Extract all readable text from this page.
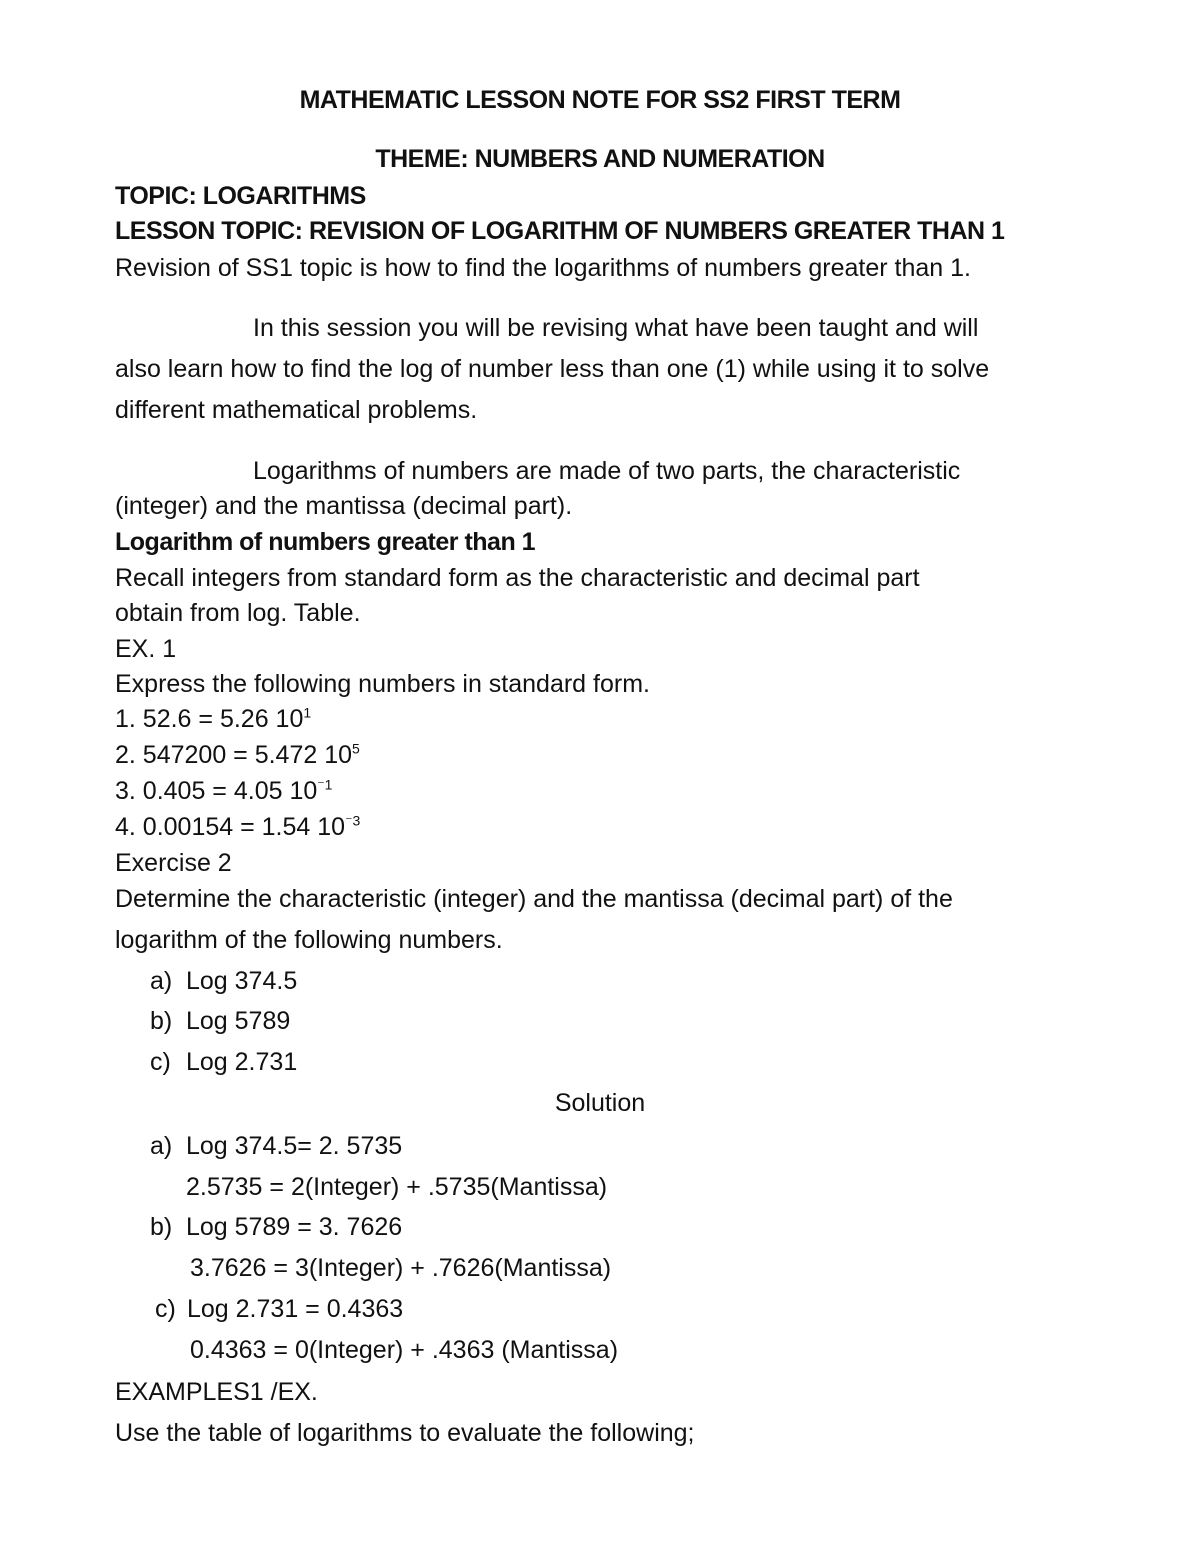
MATHEMATIC LESSON NOTE FOR SS2 FIRST TERM
THEME: NUMBERS AND NUMERATION
TOPIC: LOGARITHMS
LESSON TOPIC: REVISION OF LOGARITHM OF NUMBERS GREATER THAN 1
Revision of SS1 topic is how to find the logarithms of numbers greater than 1.
In this session you will be revising what have been taught and will
also learn how to find the log of number less than one (1) while using it to solve
different mathematical problems.
Logarithms of numbers are made of two parts, the characteristic
(integer) and the mantissa (decimal part).
Logarithm of numbers greater than 1
Recall integers from standard form as the characteristic and decimal part
obtain from log. Table.
EX. 1
Express the following numbers in standard form.
1. 52.6 = 5.26 $10^1$
2. 547200 = 5.472 $10^5$
3. 0.405 = 4.05 $10^{^-1}$
4. 0.00154 = 1.54 $10^{^-3}$
Exercise 2
Determine the characteristic (integer) and the mantissa (decimal part) of the
logarithm of the following numbers.
a) Log 374.5
b) Log 5789
c) Log 2.731
Solution
a) Log 374.5= 2. 5735
2.5735 = 2(Integer) + .5735(Mantissa)
b) Log 5789 = 3. 7626
3.7626 = 3(Integer) + .7626(Mantissa)
c) Log 2.731 = 0.4363
0.4363 = 0(Integer) + .4363 (Mantissa)
EXAMPLES1 /EX.
Use the table of logarithms to evaluate the following;
